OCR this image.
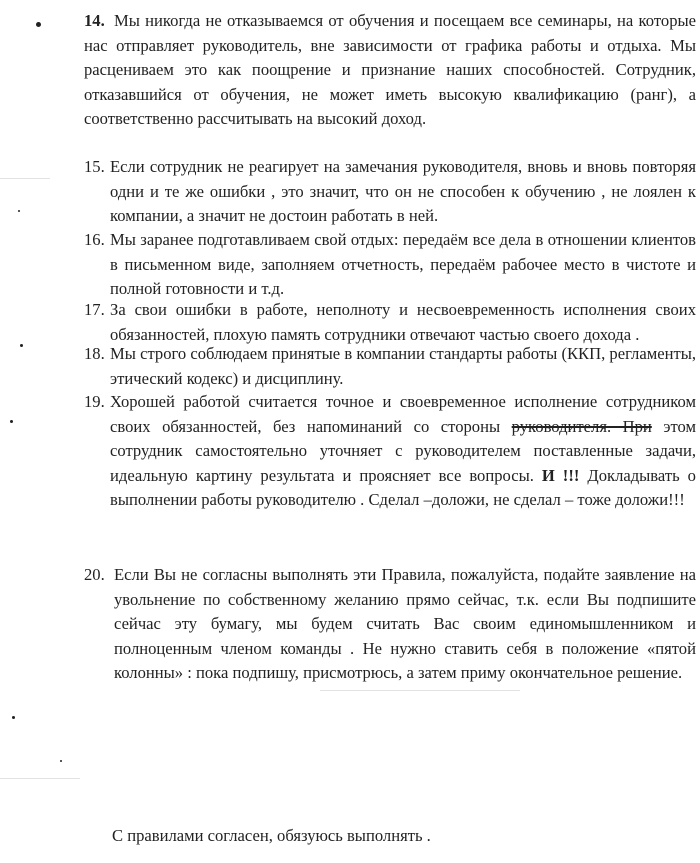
14. Мы никогда не отказываемся от обучения и посещаем все семинары, на которые нас отправляет руководитель, вне зависимости от графика работы и отдыха. Мы расцениваем это как поощрение и признание наших способностей. Сотрудник, отказавшийся от обучения, не может иметь высокую квалификацию (ранг), а соответственно рассчитывать на высокий доход.
15. Если сотрудник не реагирует на замечания руководителя, вновь и вновь повторяя одни и те же ошибки , это значит, что он не способен к обучению , не лоялен к компании, а значит не достоин работать в ней.
16. Мы заранее подготавливаем свой отдых: передаём все дела в отношении клиентов в письменном виде, заполняем отчетность, передаём рабочее место в чистоте и полной готовности и т.д.
17. За свои ошибки в работе, неполноту и несвоевременность исполнения своих обязанностей, плохую память сотрудники отвечают частью своего дохода .
18. Мы строго соблюдаем принятые в компании стандарты работы (ККП, регламенты, этический кодекс) и дисциплину.
19. Хорошей работой считается точное и своевременное исполнение сотрудником своих обязанностей, без напоминаний со стороны руководителя. При этом сотрудник самостоятельно уточняет с руководителем поставленные задачи, идеальную картину результата и проясняет все вопросы. И !!! Докладывать о выполнении работы руководителю . Сделал –доложи, не сделал – тоже доложи!!!
20. Если Вы не согласны выполнять эти Правила, пожалуйста, подайте заявление на увольнение по собственному желанию прямо сейчас, т.к. если Вы подпишите сейчас эту бумагу, мы будем считать Вас своим единомышленником и полноценным членом команды . Не нужно ставить себя в положение «пятой колонны» : пока подпишу, присмотрюсь, а затем приму окончательное решение.
С правилами согласен, обязуюсь выполнять .
